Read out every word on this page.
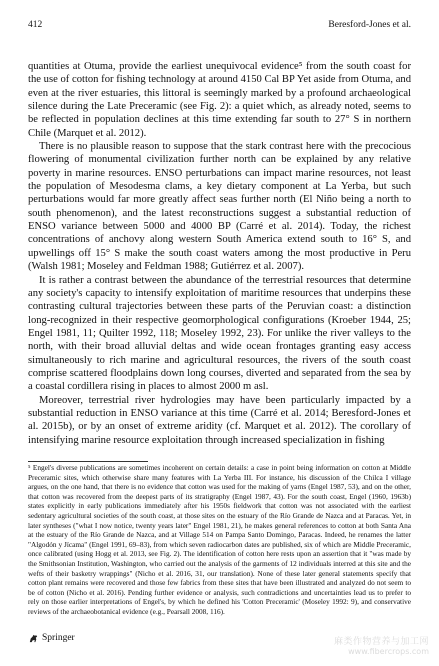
412	Beresford-Jones et al.

quantities at Otuma, provide the earliest unequivocal evidence⁵ from the south coast for the use of cotton for fishing technology at around 4150 Cal BP Yet aside from Otuma, and even at the river estuaries, this littoral is seemingly marked by a profound archaeological silence during the Late Preceramic (see Fig. 2): a quiet which, as already noted, seems to be reflected in population declines at this time extending far south to 27° S in northern Chile (Marquet et al. 2012).

There is no plausible reason to suppose that the stark contrast here with the precocious flowering of monumental civilization further north can be explained by any relative poverty in marine resources. ENSO perturbations can impact marine resources, not least the population of Mesodesma clams, a key dietary component at La Yerba, but such perturbations would far more greatly affect seas further north (El Niño being a north to south phenomenon), and the latest reconstructions suggest a substantial reduction of ENSO variance between 5000 and 4000 BP (Carré et al. 2014). Today, the richest concentrations of anchovy along western South America extend south to 16° S, and upwellings off 15° S make the south coast waters among the most productive in Peru (Walsh 1981; Moseley and Feldman 1988; Gutiérrez et al. 2007).

It is rather a contrast between the abundance of the terrestrial resources that determine any society's capacity to intensify exploitation of maritime resources that underpins these contrasting cultural trajectories between these parts of the Peruvian coast: a distinction long-recognized in their respective geomorphological configurations (Kroeber 1944, 25; Engel 1981, 11; Quilter 1992, 118; Moseley 1992, 23). For unlike the river valleys to the north, with their broad alluvial deltas and wide ocean frontages granting easy access simultaneously to rich marine and agricultural resources, the rivers of the south coast comprise scattered floodplains down long courses, diverted and separated from the sea by a coastal cordillera rising in places to almost 2000 m asl.

Moreover, terrestrial river hydrologies may have been particularly impacted by a substantial reduction in ENSO variance at this time (Carré et al. 2014; Beresford-Jones et al. 2015b), or by an onset of extreme aridity (cf. Marquet et al. 2012). The corollary of intensifying marine resource exploitation through increased specialization in fishing

⁵ Engel's diverse publications are sometimes incoherent on certain details: a case in point being information on cotton at Middle Preceramic sites, which otherwise share many features with La Yerba III. For instance, his discussion of the Chilca I village argues, on the one hand, that there is no evidence that cotton was used for the making of yarns (Engel 1987, 53), and on the other, that cotton was recovered from the deepest parts of its stratigraphy (Engel 1987, 43). For the south coast, Engel (1960, 1963b) states explicitly in early publications immediately after his 1950s fieldwork that cotton was not associated with the earliest sedentary agricultural societies of the south coast, at those sites on the estuary of the Río Grande de Nazca and at Paracas. Yet, in later syntheses ("what I now notice, twenty years later" Engel 1981, 21), he makes general references to cotton at both Santa Ana at the estuary of the Río Grande de Nazca, and at Village 514 on Pampa Santo Domingo, Paracas. Indeed, he renames the latter "Algodón y Jícama" (Engel 1991, 69–83), from which seven radiocarbon dates are published, six of which are Middle Preceramic, once calibrated (using Hogg et al. 2013, see Fig. 2). The identification of cotton here rests upon an assertion that it "was made by the Smithsonian Institution, Washington, who carried out the analysis of the garments of 12 individuals interred at this site and the wefts of their basketry wrappings" (Nicho et al. 2016, 31, our translation). None of these later general statements specify that cotton plant remains were recovered and those few fabrics from these sites that have been illustrated and analyzed do not seem to be of cotton (Nicho et al. 2016). Pending further evidence or analysis, such contradictions and uncertainties lead us to prefer to rely on those earlier interpretations of Engel's, by which he defined his 'Cotton Preceramic' (Moseley 1992: 9), and conservative reviews of the archaeobotanical evidence (e.g., Pearsall 2008, 116).

Springer	麻类作物营养与加工网
www.fibercrops.com
